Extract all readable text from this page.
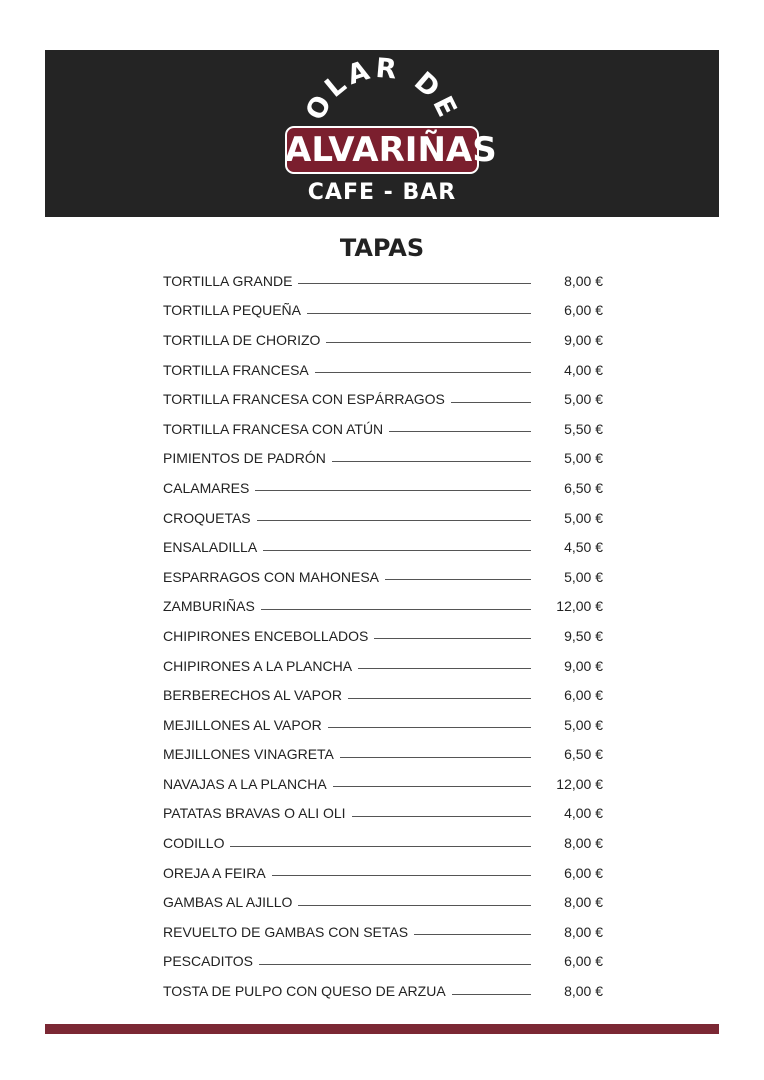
OLAR DE
ALVARIÑAS
CAFE - BAR
TAPAS
TORTILLA GRANDE	8,00 €
TORTILLA PEQUEÑA	6,00 €
TORTILLA DE CHORIZO	9,00 €
TORTILLA FRANCESA	4,00 €
TORTILLA FRANCESA CON ESPÁRRAGOS	5,00 €
TORTILLA FRANCESA CON ATÚN	5,50 €
PIMIENTOS DE PADRÓN	5,00 €
CALAMARES	6,50 €
CROQUETAS	5,00 €
ENSALADILLA	4,50 €
ESPARRAGOS CON MAHONESA	5,00 €
ZAMBURIÑAS	12,00 €
CHIPIRONES ENCEBOLLADOS	9,50 €
CHIPIRONES A LA PLANCHA	9,00 €
BERBERECHOS AL VAPOR	6,00 €
MEJILLONES AL VAPOR	5,00 €
MEJILLONES VINAGRETA	6,50 €
NAVAJAS A LA PLANCHA	12,00 €
PATATAS BRAVAS O ALI OLI	4,00 €
CODILLO	8,00 €
OREJA A FEIRA	6,00 €
GAMBAS AL AJILLO	8,00 €
REVUELTO DE GAMBAS CON SETAS	8,00 €
PESCADITOS	6,00 €
TOSTA DE PULPO CON QUESO DE ARZUA	8,00 €
